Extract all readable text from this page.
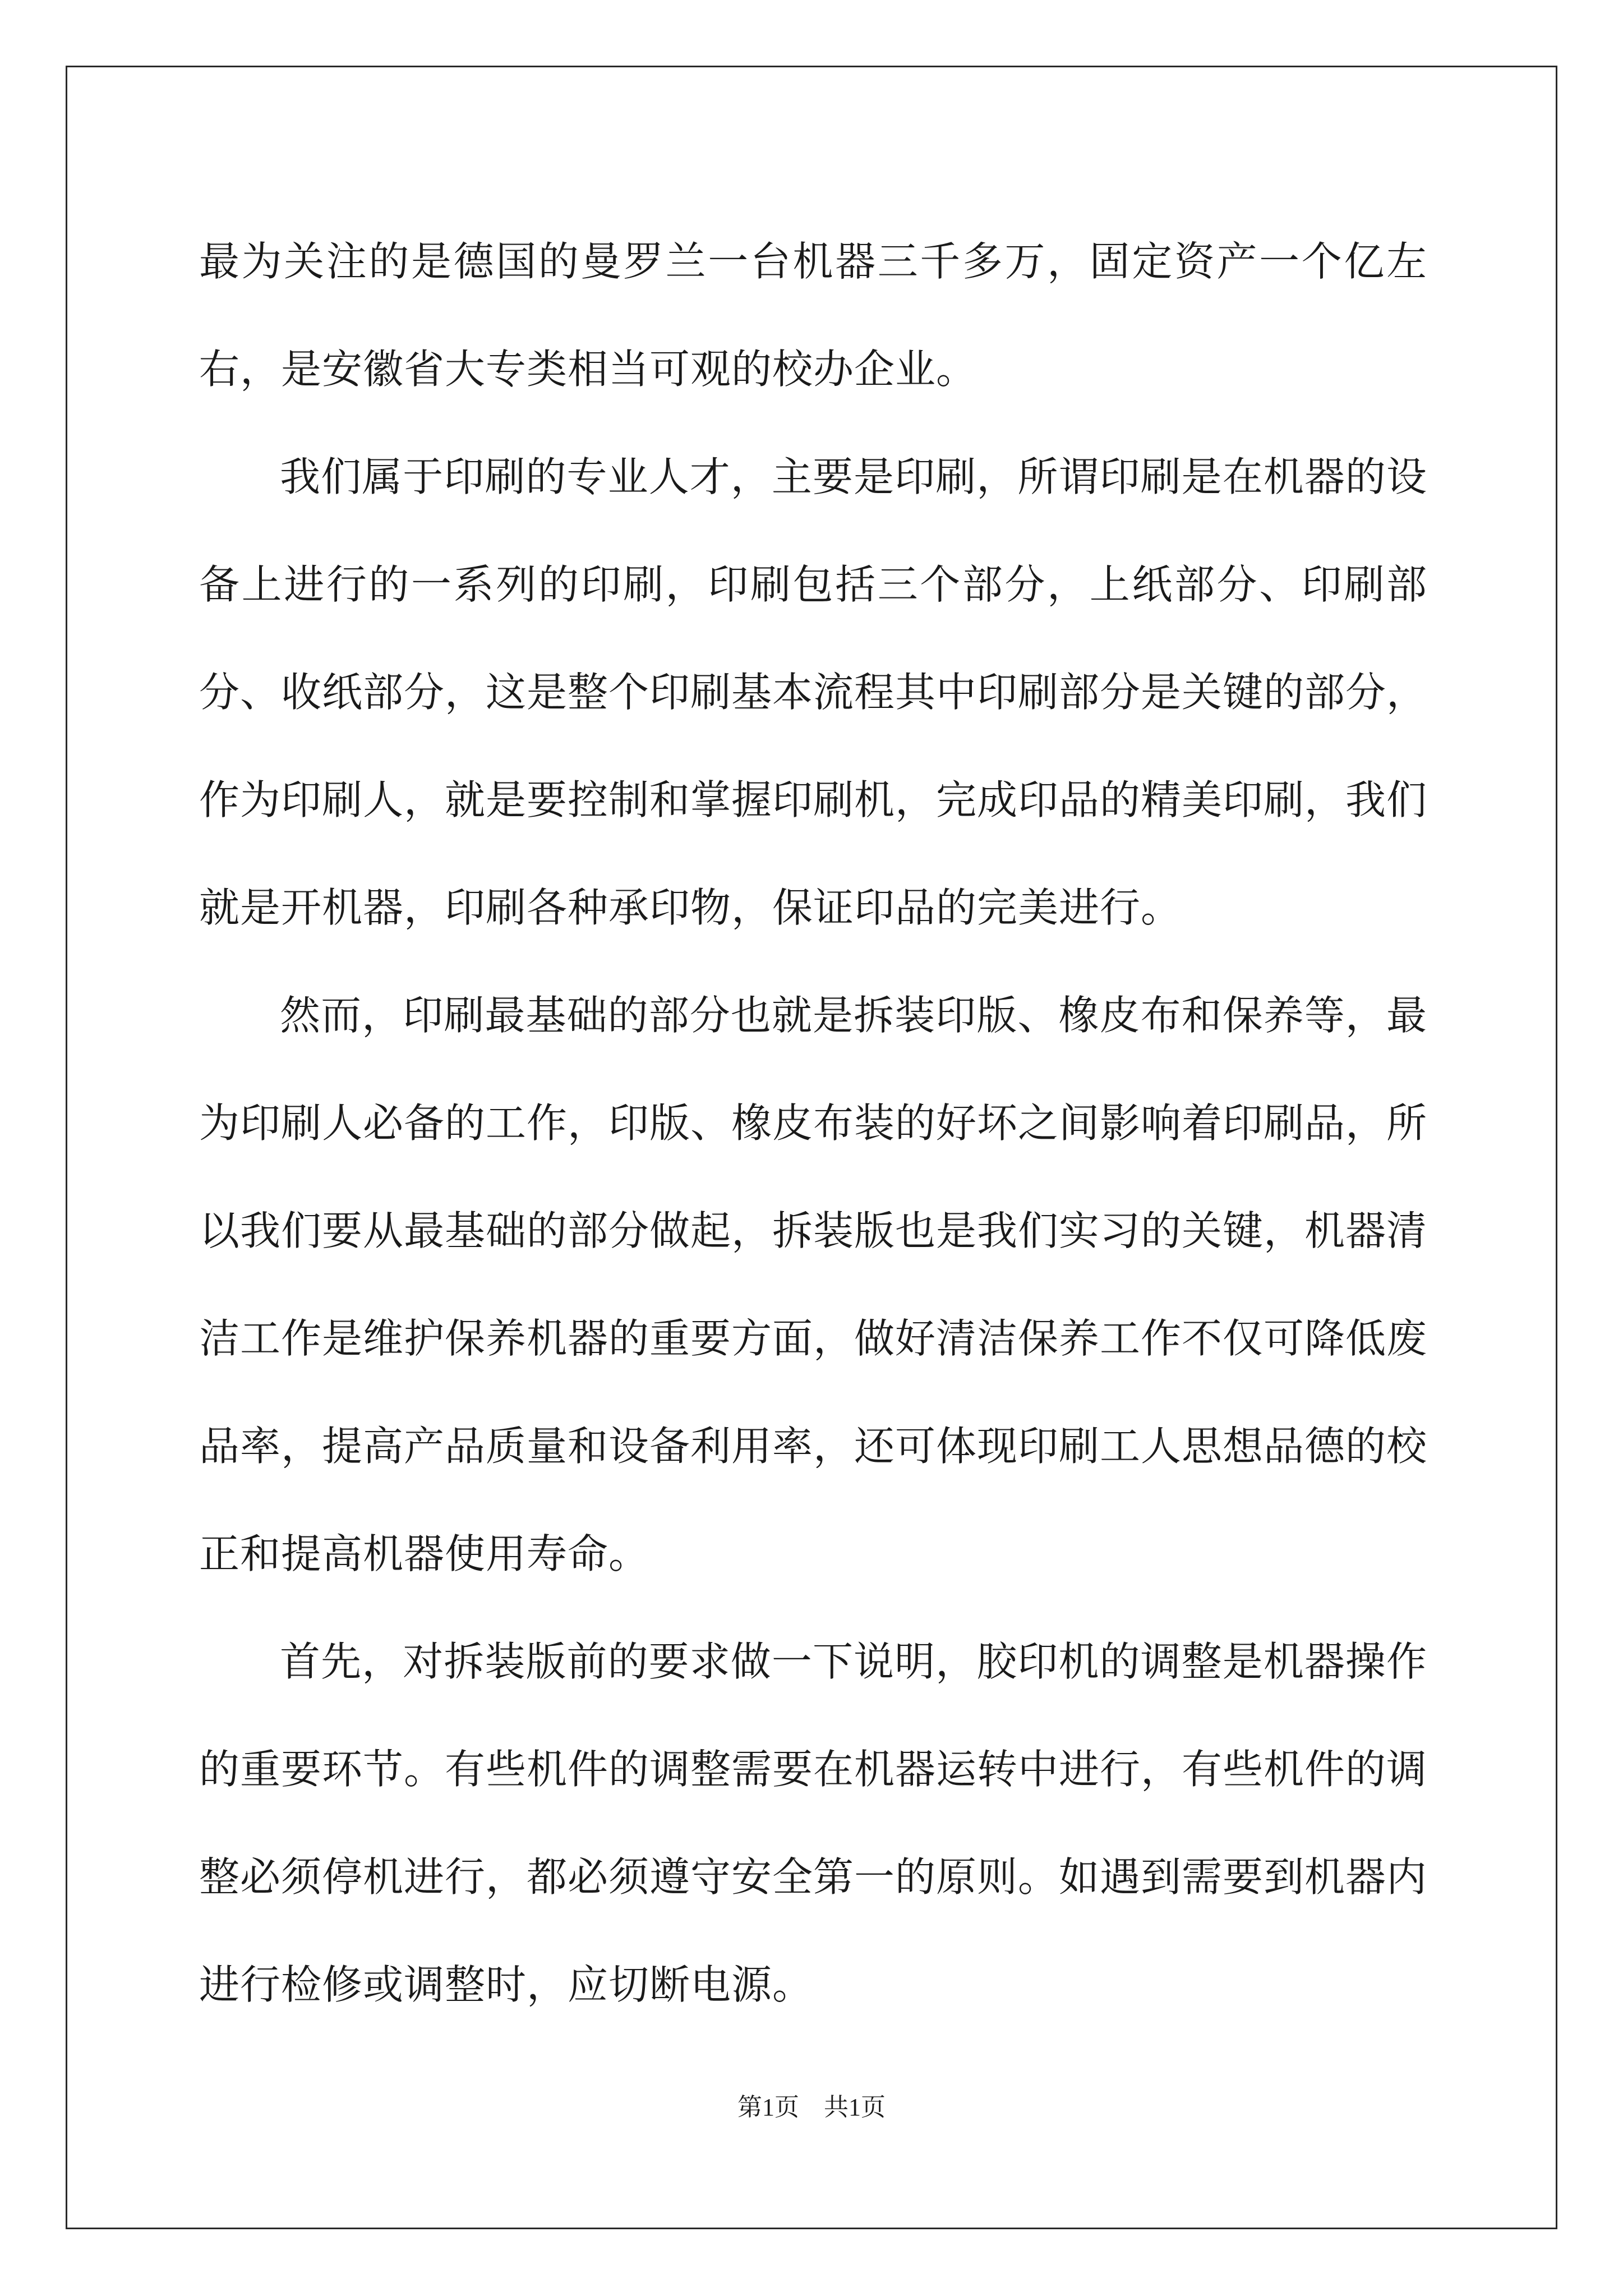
最为关注的是德国的曼罗兰一台机器三千多万，固定资产一个亿左右，是安徽省大专类相当可观的校办企业。

我们属于印刷的专业人才，主要是印刷，所谓印刷是在机器的设备上进行的一系列的印刷，印刷包括三个部分，上纸部分、印刷部分、收纸部分，这是整个印刷基本流程其中印刷部分是关键的部分，作为印刷人，就是要控制和掌握印刷机，完成印品的精美印刷，我们就是开机器，印刷各种承印物，保证印品的完美进行。

然而，印刷最基础的部分也就是拆装印版、橡皮布和保养等，最为印刷人必备的工作，印版、橡皮布装的好坏之间影响着印刷品，所以我们要从最基础的部分做起，拆装版也是我们实习的关键，机器清洁工作是维护保养机器的重要方面，做好清洁保养工作不仅可降低废品率，提高产品质量和设备利用率，还可体现印刷工人思想品德的校正和提高机器使用寿命。

首先，对拆装版前的要求做一下说明，胶印机的调整是机器操作的重要环节。有些机件的调整需要在机器运转中进行，有些机件的调整必须停机进行，都必须遵守安全第一的原则。如遇到需要到机器内进行检修或调整时，应切断电源。

第1页 共1页
